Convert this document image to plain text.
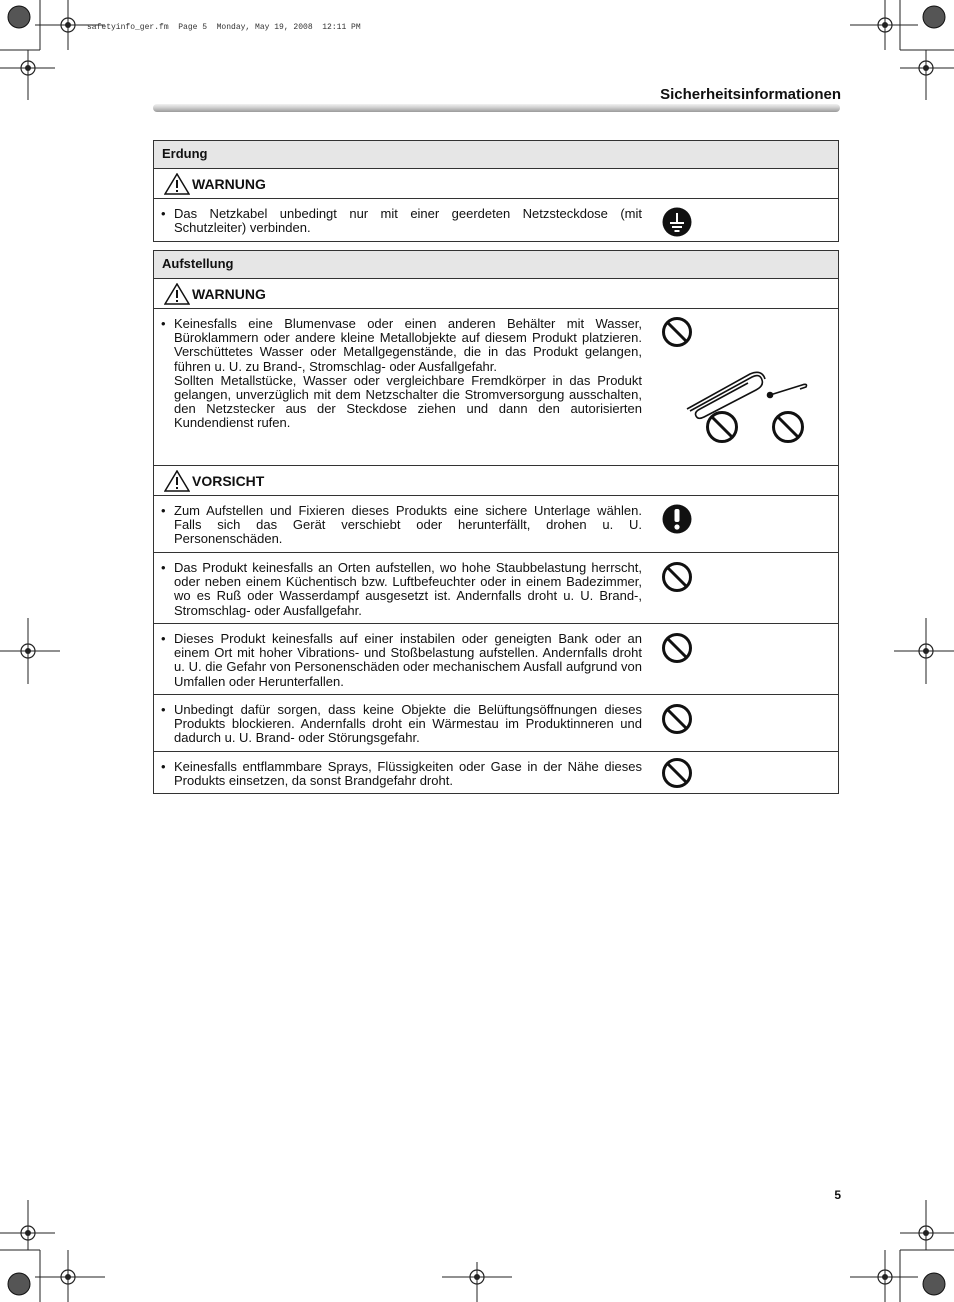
safetyinfo_ger.fm  Page 5  Monday, May 19, 2008  12:11 PM
Sicherheitsinformationen
Erdung
WARNUNG
• Das Netzkabel unbedingt nur mit einer geerdeten Netzsteckdose (mit Schutzleiter) verbinden.
Aufstellung
WARNUNG
• Keinesfalls eine Blumenvase oder einen anderen Behälter mit Wasser, Büroklammern oder andere kleine Metallobjekte auf diesem Produkt platzieren. Verschüttetes Wasser oder Metallgegenstände, die in das Produkt gelangen, führen u. U. zu Brand-, Stromschlag- oder Ausfallgefahr.
Sollten Metallstücke, Wasser oder vergleichbare Fremdkörper in das Produkt gelangen, unverzüglich mit dem Netzschalter die Stromversorgung ausschalten, den Netzstecker aus der Steckdose ziehen und dann den autorisierten Kundendienst rufen.
VORSICHT
• Zum Aufstellen und Fixieren dieses Produkts eine sichere Unterlage wählen. Falls sich das Gerät verschiebt oder herunterfällt, drohen u. U. Personenschäden.
• Das Produkt keinesfalls an Orten aufstellen, wo hohe Staubbelastung herrscht, oder neben einem Küchentisch bzw. Luftbefeuchter oder in einem Badezimmer, wo es Ruß oder Wasserdampf ausgesetzt ist. Andernfalls droht u. U. Brand-, Stromschlag- oder Ausfallgefahr.
• Dieses Produkt keinesfalls auf einer instabilen oder geneigten Bank oder an einem Ort mit hoher Vibrations- und Stoßbelastung aufstellen. Andernfalls droht u. U. die Gefahr von Personenschäden oder mechanischem Ausfall aufgrund von Umfallen oder Herunterfallen.
• Unbedingt dafür sorgen, dass keine Objekte die Belüftungsöffnungen dieses Produkts blockieren. Andernfalls droht ein Wärmestau im Produktinneren und dadurch u. U. Brand- oder Störungsgefahr.
• Keinesfalls entflammbare Sprays, Flüssigkeiten oder Gase in der Nähe dieses Produkts einsetzen, da sonst Brandgefahr droht.
5
